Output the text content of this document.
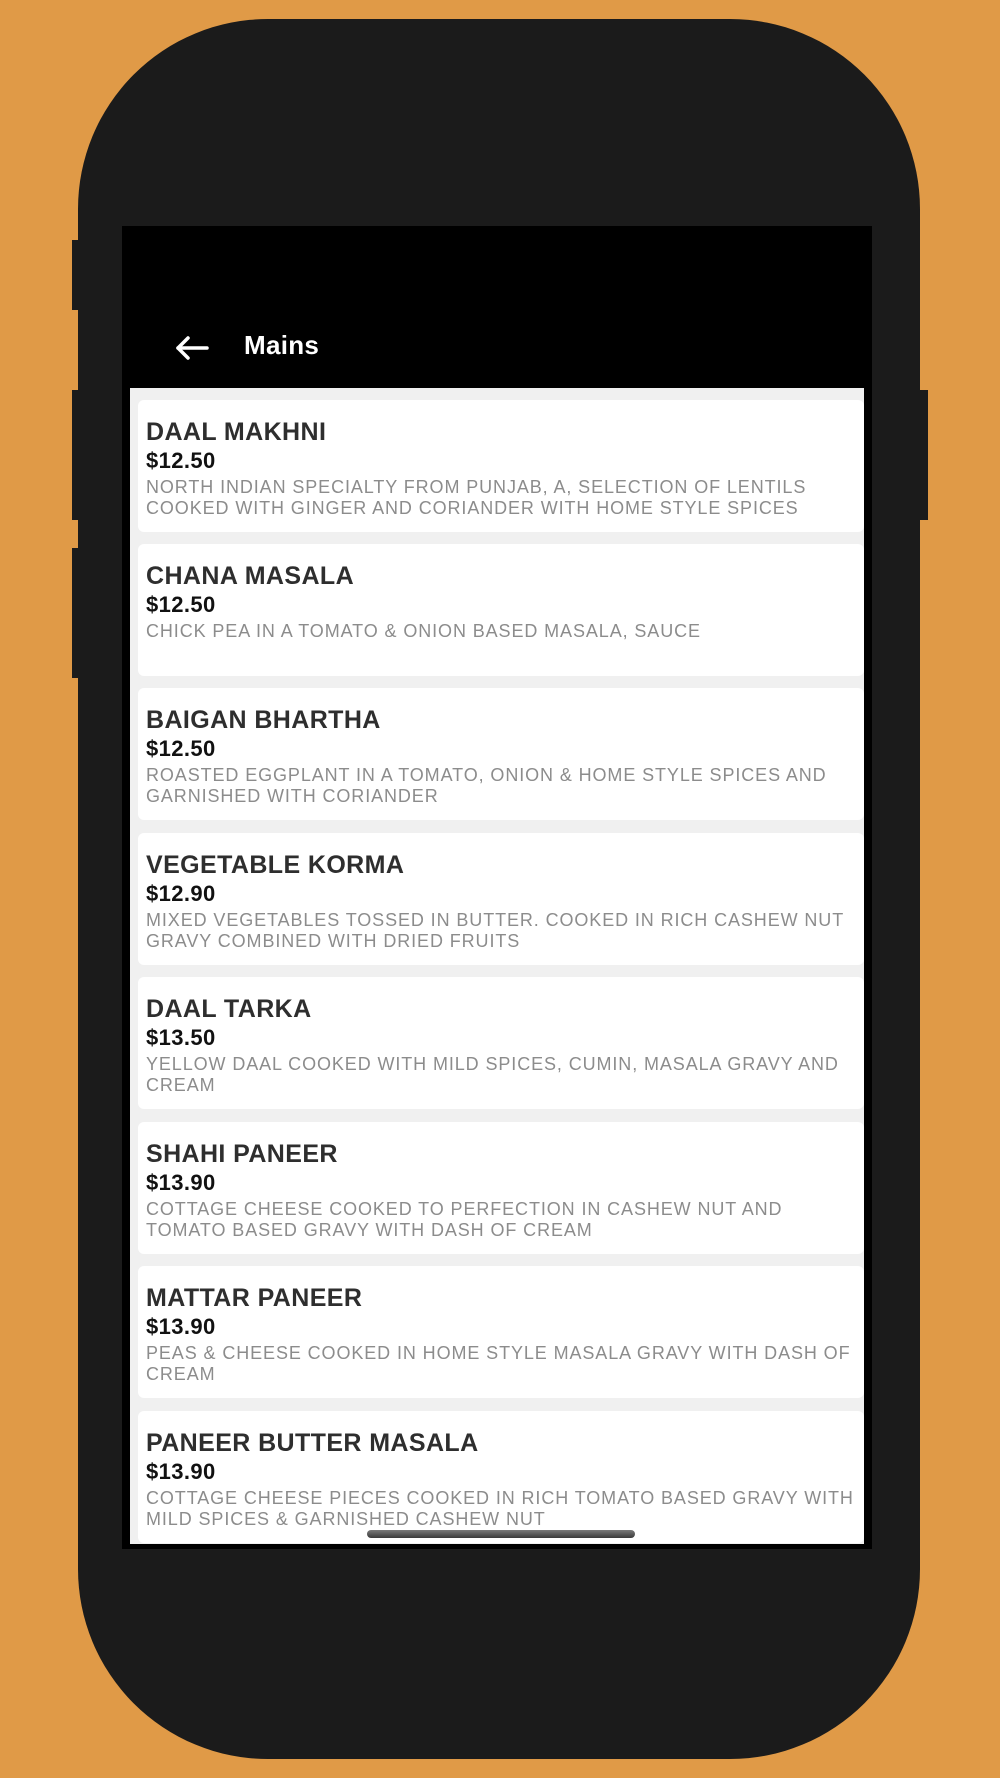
Mains
DAAL MAKHNI
$12.50
NORTH INDIAN SPECIALTY FROM PUNJAB, A, SELECTION OF LENTILS COOKED WITH GINGER AND CORIANDER WITH HOME STYLE SPICES
CHANA MASALA
$12.50
CHICK PEA IN A TOMATO & ONION BASED MASALA, SAUCE
BAIGAN BHARTHA
$12.50
ROASTED EGGPLANT IN A TOMATO, ONION & HOME STYLE SPICES AND GARNISHED WITH CORIANDER
VEGETABLE KORMA
$12.90
MIXED VEGETABLES TOSSED IN BUTTER. COOKED IN RICH CASHEW NUT GRAVY COMBINED WITH DRIED FRUITS
DAAL TARKA
$13.50
YELLOW DAAL COOKED WITH MILD SPICES, CUMIN, MASALA GRAVY AND CREAM
SHAHI PANEER
$13.90
COTTAGE CHEESE COOKED TO PERFECTION IN CASHEW NUT AND TOMATO BASED GRAVY WITH DASH OF CREAM
MATTAR PANEER
$13.90
PEAS & CHEESE COOKED IN HOME STYLE MASALA GRAVY WITH DASH OF CREAM
PANEER BUTTER MASALA
$13.90
COTTAGE CHEESE PIECES COOKED IN RICH TOMATO BASED GRAVY WITH MILD SPICES & GARNISHED CASHEW NUT
